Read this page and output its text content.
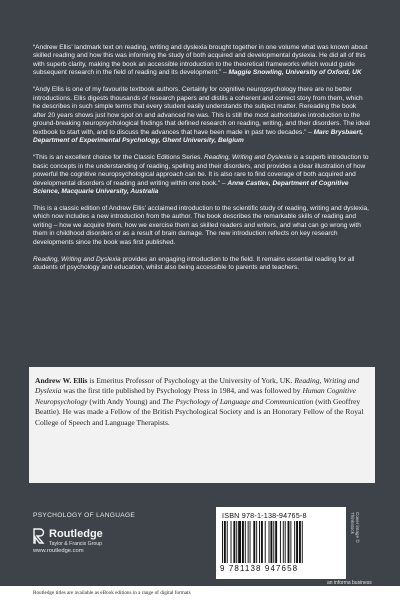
“Andrew Ellis’ landmark text on reading, writing and dyslexia brought together in one volume what was known about skilled reading and how this was informing the study of both acquired and developmental dyslexia. He did all of this with superb clarity, making the book an accessible introduction to the theoretical frameworks which would guide subsequent research in the field of reading and its development.” – Maggie Snowling, University of Oxford, UK

“Andy Ellis is one of my favourite textbook authors. Certainly for cognitive neuropsychology there are no better introductions. Ellis digests thousands of research papers and distils a coherent and correct story from them, which he describes in such simple terms that every student easily understands the subject matter. Rereading the book after 20 years shows just how spot on and advanced he was. This is still the most authoritative introduction to the ground-breaking neuropsychological findings that defined research on reading, writing, and their disorders. The ideal textbook to start with, and to discuss the advances that have been made in past two decades.” – Marc Brysbaert, Department of Experimental Psychology, Ghent University, Belgium

“This is an excellent choice for the Classic Editions Series. Reading, Writing and Dyslexia is a superb introduction to basic concepts in the understanding of reading, spelling and their disorders, and provides a clear illustration of how powerful the cognitive neuropsychological approach can be. It is also rare to find coverage of both acquired and developmental disorders of reading and writing within one book.” – Anne Castles, Department of Cognitive Science, Macquarie University, Australia

This is a classic edition of Andrew Ellis’ acclaimed introduction to the scientific study of reading, writing and dyslexia, which now includes a new introduction from the author. The book describes the remarkable skills of reading and writing – how we acquire them, how we exercise them as skilled readers and writers, and what can go wrong with them in childhood disorders or as a result of brain damage. The new introduction reflects on key research developments since the book was first published.

Reading, Writing and Dyslexia provides an engaging introduction to the field. It remains essential reading for all students of psychology and education, whilst also being accessible to parents and teachers.

Andrew W. Ellis is Emeritus Professor of Psychology at the University of York, UK. Reading, Writing and Dyslexia was the first title published by Psychology Press in 1984, and was followed by Human Cognitive Neuropsychology (with Andy Young) and The Psychology of Language and Communication (with Geoffrey Beattie). He was made a Fellow of the British Psychological Society and is an Honorary Fellow of the Royal College of Speech and Language Therapists.
PSYCHOLOGY OF LANGUAGE
Routledge
Taylor & Francis Group
www.routledge.com
ISBN 978-1-138-94765-8
9 781138 947658
an informa business
Cover image © Thinkstock
Routledge titles are available as eBook editions in a range of digital formats
